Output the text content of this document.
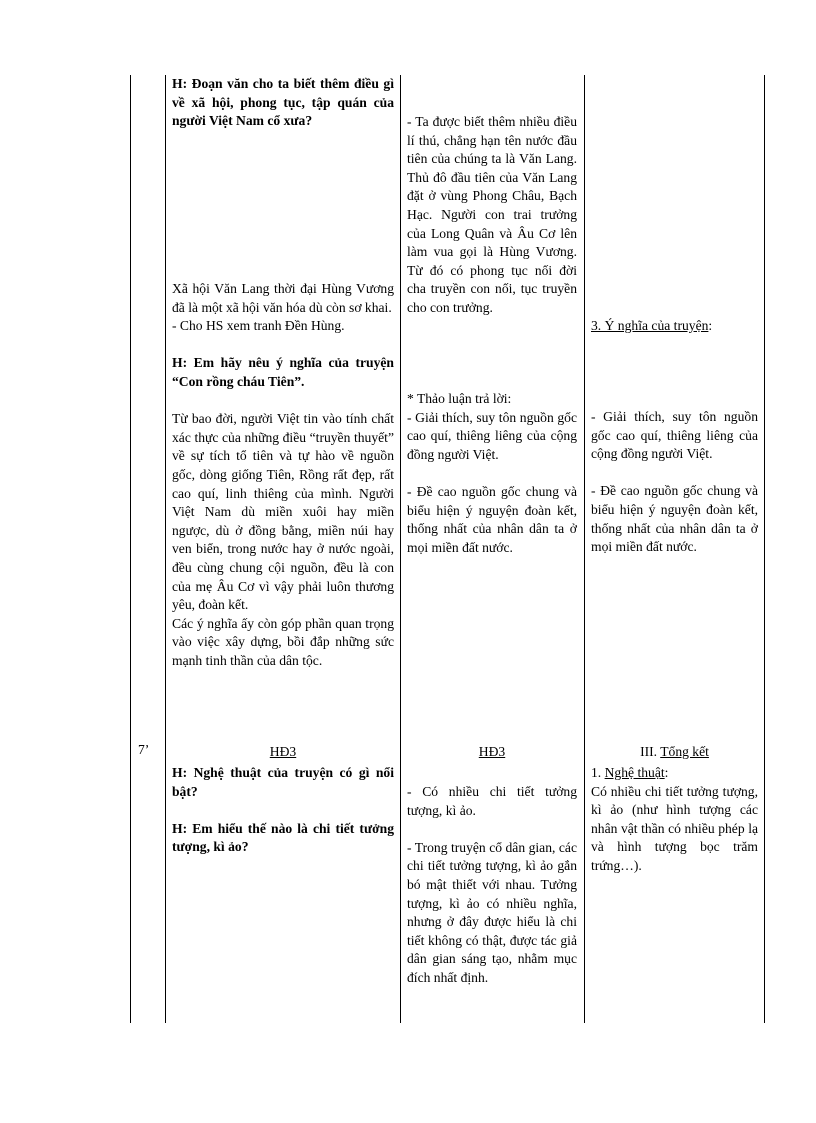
7’

H: Đoạn văn cho ta biết thêm điều gì về xã hội, phong tục, tập quán của người Việt Nam cổ xưa?

Xã hội Văn Lang thời đại Hùng Vương đã là một xã hội văn hóa dù còn sơ khai.

- Cho HS xem tranh Đền Hùng.

H: Em hãy nêu ý nghĩa của truyện “Con rồng cháu Tiên”.

Từ bao đời, người Việt tin vào tính chất xác thực của những điều “truyền thuyết” về sự tích tổ tiên và tự hào về nguồn gốc, dòng giống Tiên, Rồng rất đẹp, rất cao quí, linh thiêng của mình. Người Việt Nam dù miền xuôi hay miền ngược, dù ở đồng bằng, miền núi hay ven biển, trong nước hay ở nước ngoài, đều cùng chung cội nguồn, đều là con của mẹ Âu Cơ vì vậy phải luôn thương yêu, đoàn kết.

Các ý nghĩa ấy còn góp phần quan trọng vào việc xây dựng, bồi đắp những sức mạnh tinh thần của dân tộc.

HĐ3

H: Nghệ thuật của truyện có gì nổi bật?

H: Em hiểu thế nào là chi tiết tưởng tượng, kì ảo?

- Ta được biết thêm nhiều điều lí thú, chẳng hạn tên nước đầu tiên của chúng ta là Văn Lang. Thủ đô đầu tiên của Văn Lang đặt ở vùng Phong Châu, Bạch Hạc. Người con trai trưởng của Long Quân và Âu Cơ lên làm vua gọi là Hùng Vương. Từ đó có phong tục nối đời cha truyền con nối, tục truyền cho con trưởng.

* Thảo luận trả lời:

- Giải thích, suy tôn nguồn gốc cao quí, thiêng liêng của cộng đồng người Việt.

- Đề cao nguồn gốc chung và biểu hiện ý nguyện đoàn kết, thống nhất của nhân dân ta ở mọi miền đất nước.

HĐ3

- Có nhiều chi tiết tưởng tượng, kì ảo.

- Trong truyện cổ dân gian, các chi tiết tưởng tượng, kì ảo gắn bó mật thiết với nhau. Tưởng tượng, kì ảo có nhiều nghĩa, nhưng ở đây được hiểu là chi tiết không có thật, được tác giả dân gian sáng tạo, nhằm mục đích nhất định.

3. Ý nghĩa của truyện:

- Giải thích, suy tôn nguồn gốc cao quí, thiêng liêng của cộng đồng người Việt.

- Đề cao nguồn gốc chung và biểu hiện ý nguyện đoàn kết, thống nhất của nhân dân ta ở mọi miền đất nước.

III. Tổng kết

1. Nghệ thuật:

Có nhiều chi tiết tưởng tượng, kì ảo (như hình tượng các nhân vật thần có nhiều phép lạ và hình tượng bọc trăm trứng…).
